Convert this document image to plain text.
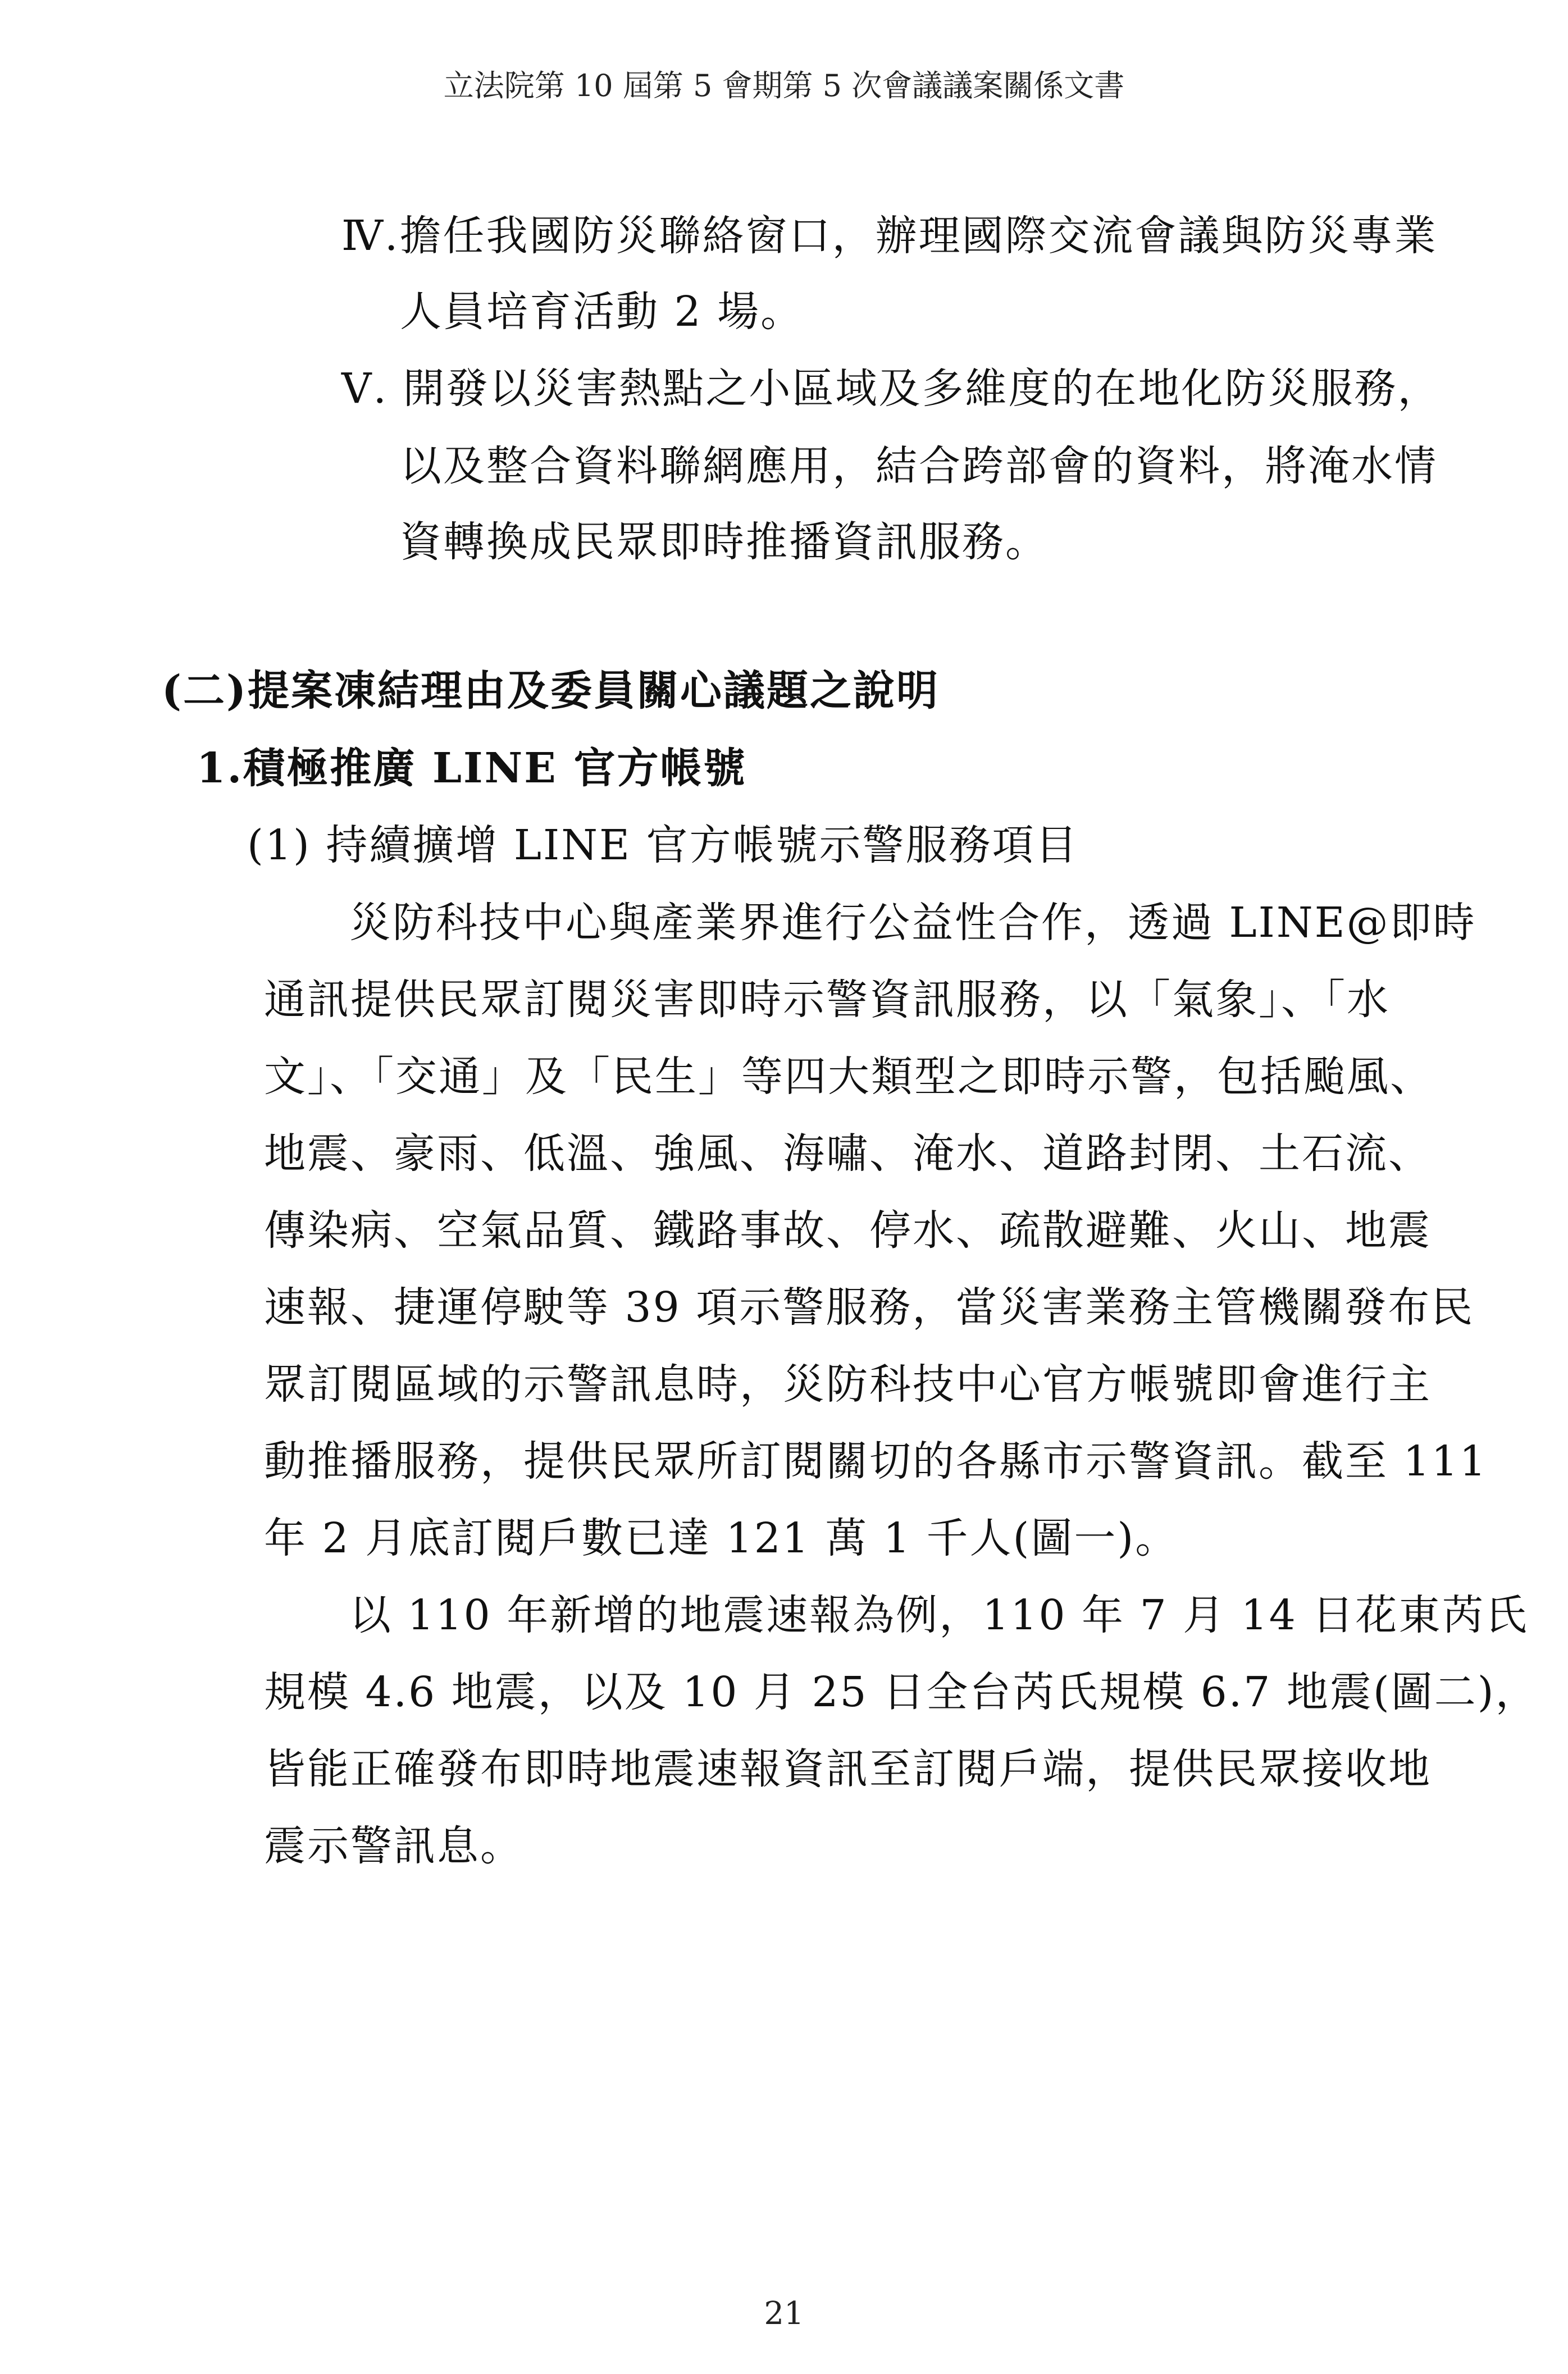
立法院第 10 屆第 5 會期第 5 次會議議案關係文書
Ⅳ.擔任我國防災聯絡窗口，辦理國際交流會議與防災專業
人員培育活動 2 場。
Ⅴ. 開發以災害熱點之小區域及多維度的在地化防災服務，
以及整合資料聯網應用，結合跨部會的資料，將淹水情
資轉換成民眾即時推播資訊服務。
(二)提案凍結理由及委員關心議題之說明
1.積極推廣 LINE 官方帳號
(1) 持續擴增 LINE 官方帳號示警服務項目
災防科技中心與產業界進行公益性合作，透過 LINE@即時
通訊提供民眾訂閱災害即時示警資訊服務，以「氣象」、「水
文」、「交通」及「民生」等四大類型之即時示警，包括颱風、
地震、豪雨、低溫、強風、海嘯、淹水、道路封閉、土石流、
傳染病、空氣品質、鐵路事故、停水、疏散避難、火山、地震
速報、捷運停駛等 39 項示警服務，當災害業務主管機關發布民
眾訂閱區域的示警訊息時，災防科技中心官方帳號即會進行主
動推播服務，提供民眾所訂閱關切的各縣市示警資訊。截至 111
年 2 月底訂閱戶數已達 121 萬 1 千人(圖一)。
以 110 年新增的地震速報為例，110 年 7 月 14 日花東芮氏
規模 4.6 地震，以及 10 月 25 日全台芮氏規模 6.7 地震(圖二)，
皆能正確發布即時地震速報資訊至訂閱戶端，提供民眾接收地
震示警訊息。
21
